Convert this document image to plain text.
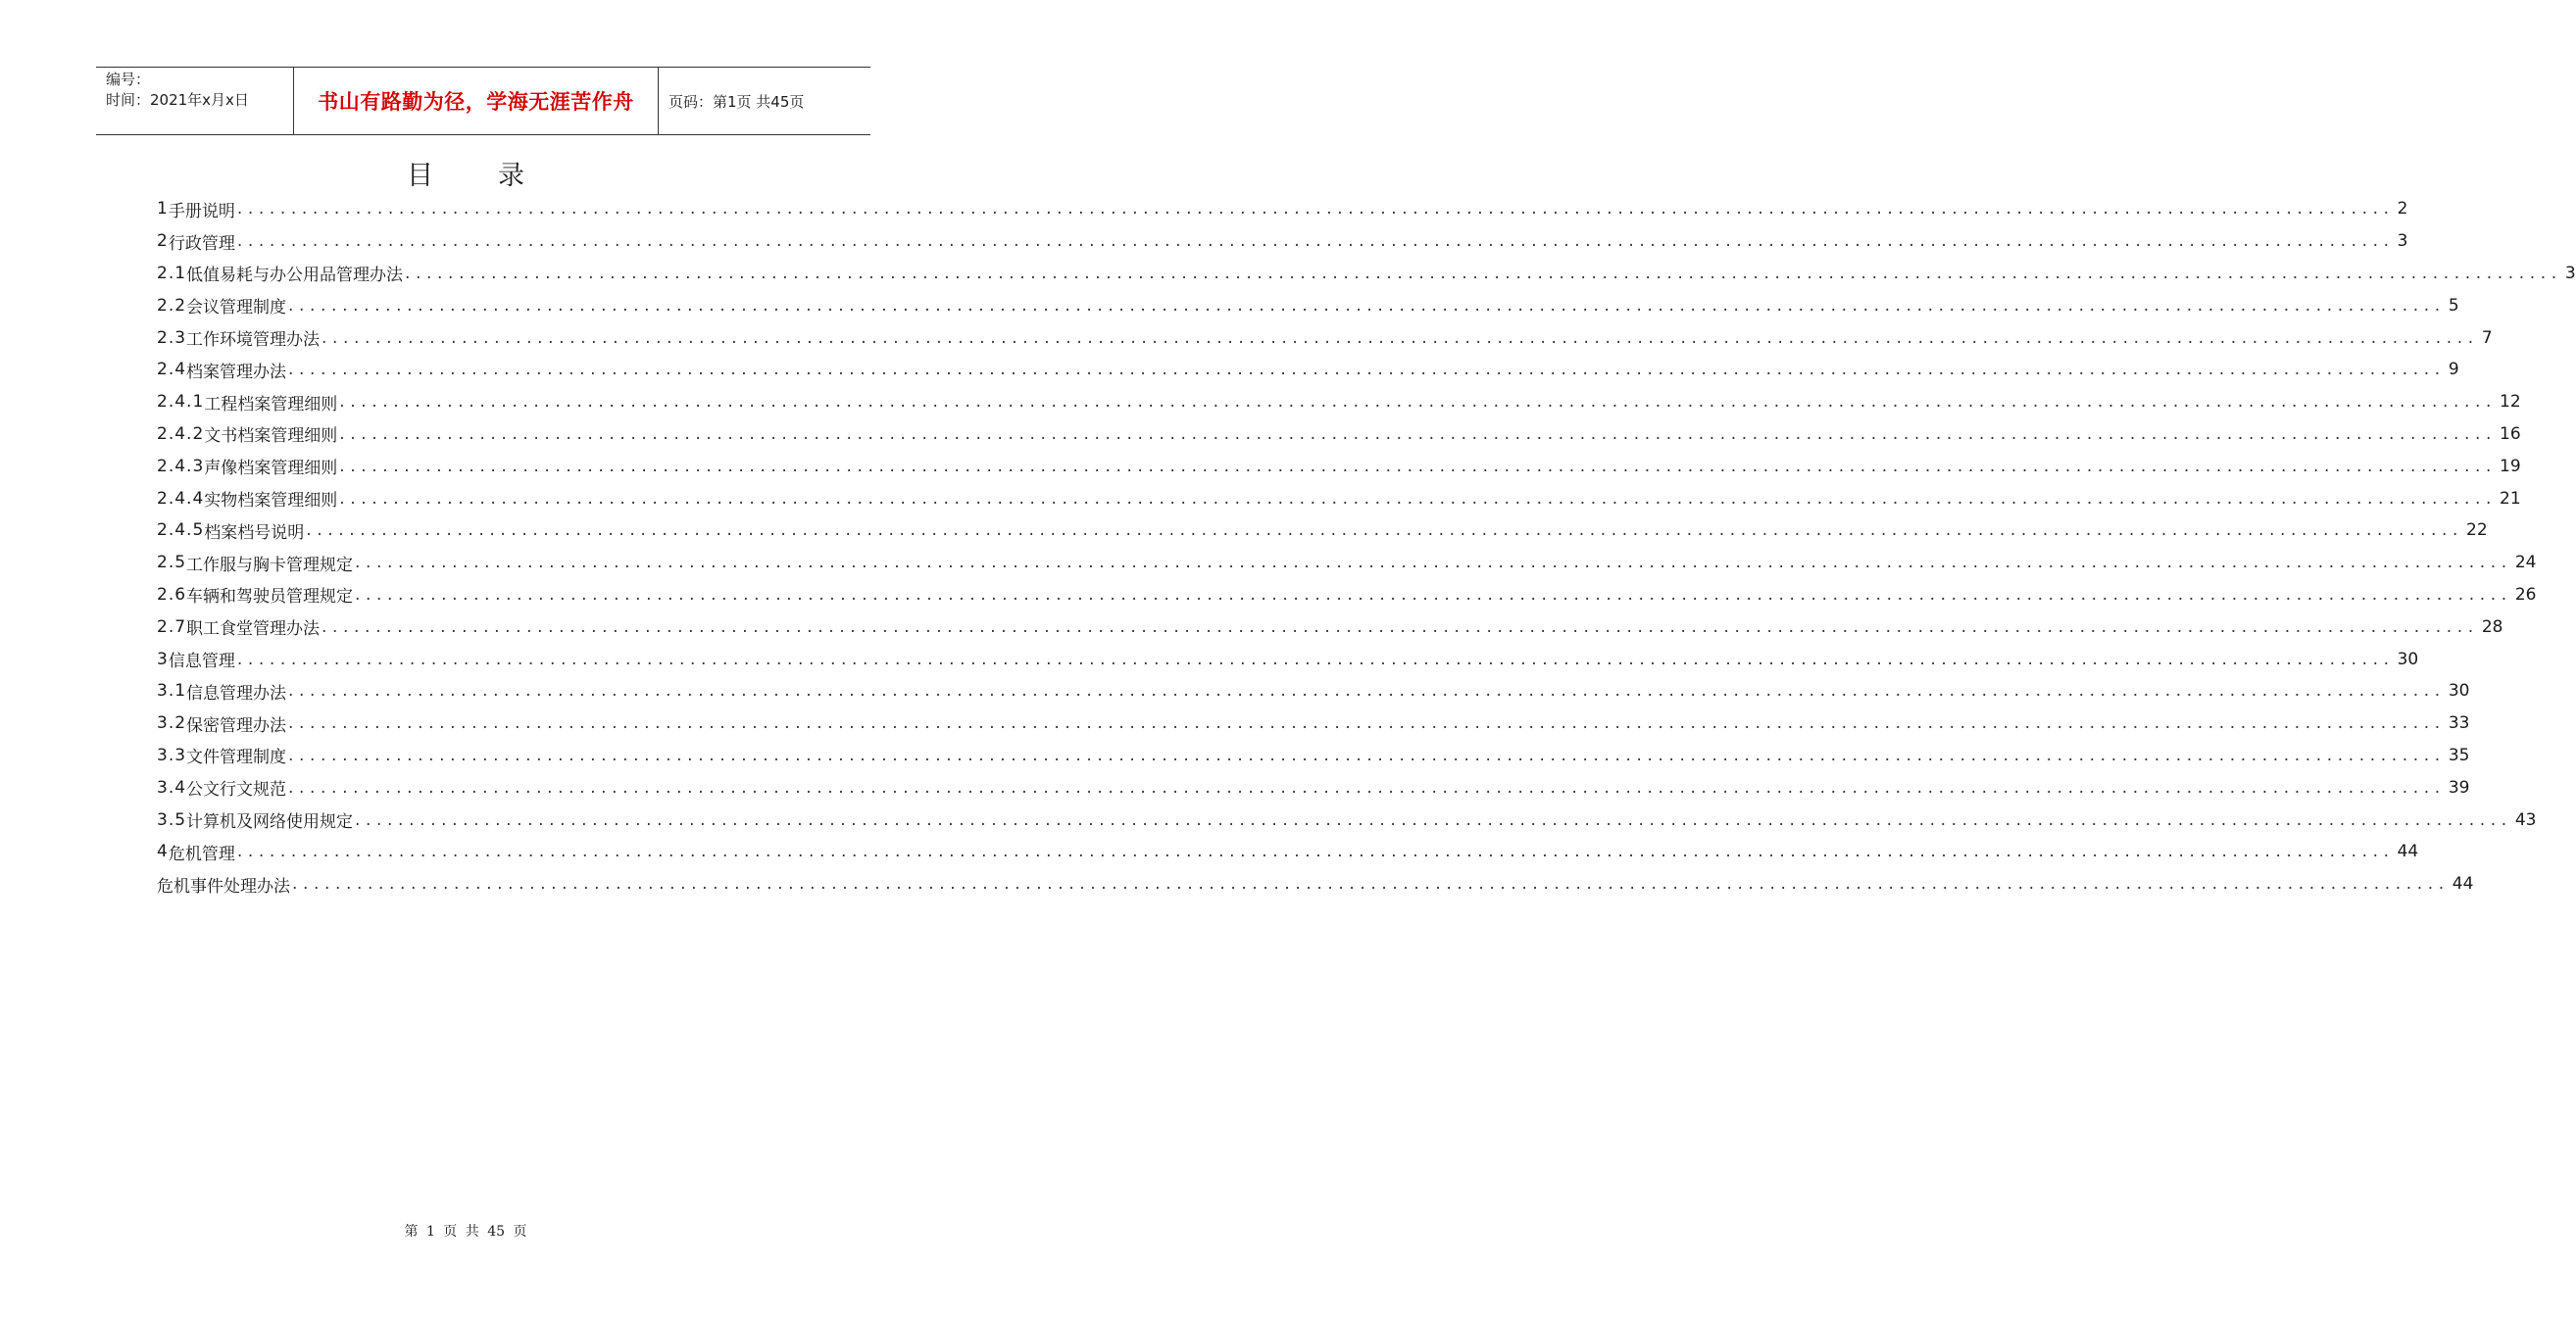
编号：
时间：2021年x月x日	书山有路勤为径，学海无涯苦作舟 页码：第1页 共45页
目录
1 手册说明 ........................................................................................................................................................................................................ 2
2 行政管理 ........................................................................................................................................................................................................ 3
2.1 低值易耗与办公用品管理办法 ........................................................................................................................................................................................................ 3
2.2 会议管理制度 ........................................................................................................................................................................................................ 5
2.3 工作环境管理办法 ........................................................................................................................................................................................................ 7
2.4 档案管理办法 ........................................................................................................................................................................................................ 9
2.4.1 工程档案管理细则 ........................................................................................................................................................................................................ 12
2.4.2 文书档案管理细则 ........................................................................................................................................................................................................ 16
2.4.3 声像档案管理细则 ........................................................................................................................................................................................................ 19
2.4.4 实物档案管理细则 ........................................................................................................................................................................................................ 21
2.4.5 档案档号说明 ........................................................................................................................................................................................................ 22
2.5 工作服与胸卡管理规定 ........................................................................................................................................................................................................ 24
2.6 车辆和驾驶员管理规定 ........................................................................................................................................................................................................ 26
2.7 职工食堂管理办法 ........................................................................................................................................................................................................ 28
3 信息管理 ........................................................................................................................................................................................................ 30
3.1 信息管理办法 ........................................................................................................................................................................................................ 30
3.2 保密管理办法 ........................................................................................................................................................................................................ 33
3.3 文件管理制度 ........................................................................................................................................................................................................ 35
3.4 公文行文规范 ........................................................................................................................................................................................................ 39
3.5 计算机及网络使用规定 ........................................................................................................................................................................................................ 43
4 危机管理 ........................................................................................................................................................................................................ 44
危机事件处理办法 ........................................................................................................................................................................................................ 44
第 1 页 共 45 页
